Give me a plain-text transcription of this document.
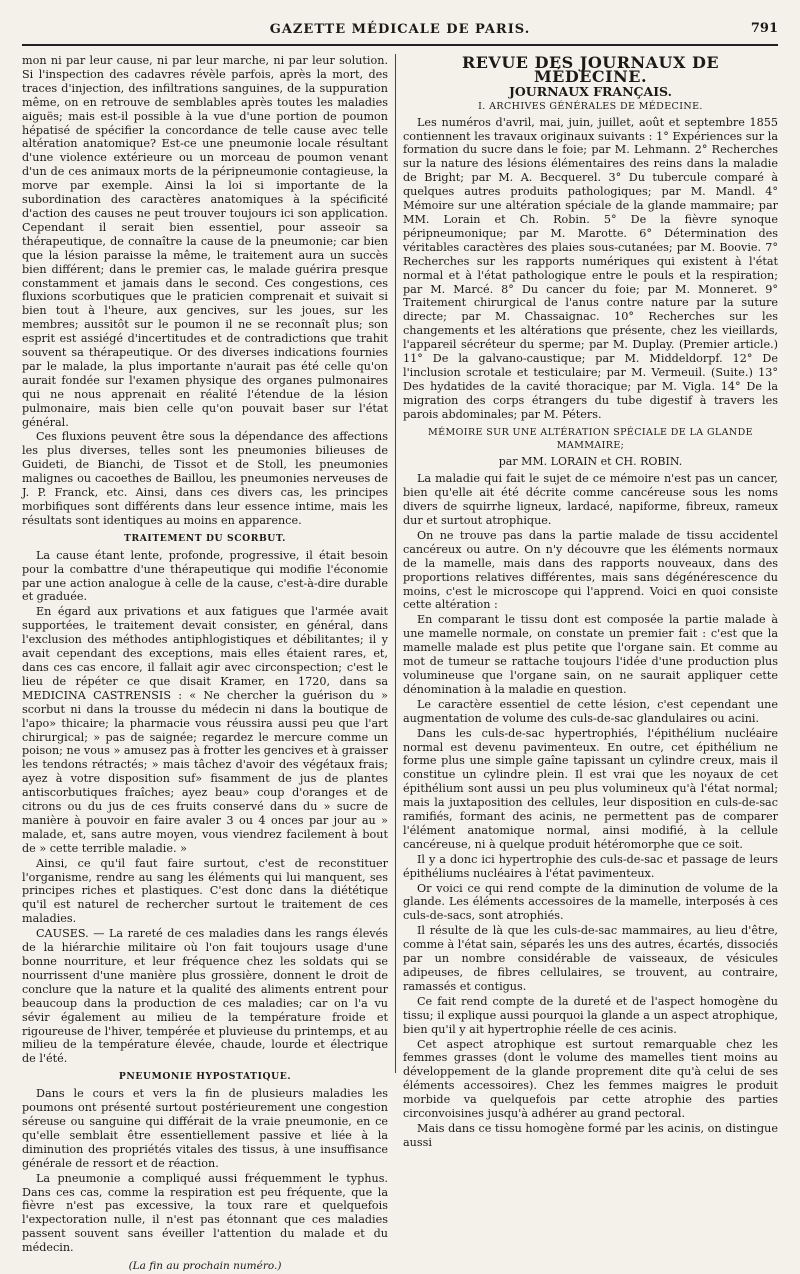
GAZETTE MÉDICALE DE PARIS.	791

mon ni par leur cause, ni par leur marche, ni par leur solution. Si l'inspection des cadavres révèle parfois, après la mort, des traces d'injection, des infiltrations sanguines, de la suppuration même, on en retrouve de semblables après toutes les maladies aiguës; mais est-il possible à la vue d'une portion de poumon hépatisé de spécifier la concordance de telle cause avec telle altération anatomique? Est-ce une pneumonie locale résultant d'une violence extérieure ou un morceau de poumon venant d'un de ces animaux morts de la péripneumonie contagieuse, la morve par exemple. Ainsi la loi si importante de la subordination des caractères anatomiques à la spécificité d'action des causes ne peut trouver toujours ici son application. Cependant il serait bien essentiel, pour asseoir sa thérapeutique, de connaître la cause de la pneumonie; car bien que la lésion paraisse la même, le traitement aura un succès bien différent; dans le premier cas, le malade guérira presque constamment et jamais dans le second. Ces congestions, ces fluxions scorbutiques que le praticien comprenait et suivait si bien tout à l'heure, aux gencives, sur les joues, sur les membres; aussitôt sur le poumon il ne se reconnaît plus; son esprit est assiégé d'incertitudes et de contradictions que trahit souvent sa thérapeutique. Or des diverses indications fournies par le malade, la plus importante n'aurait pas été celle qu'on aurait fondée sur l'examen physique des organes pulmonaires qui ne nous apprenait en réalité l'étendue de la lésion pulmonaire, mais bien celle qu'on pouvait baser sur l'état général.

Ces fluxions peuvent être sous la dépendance des affections les plus diverses, telles sont les pneumonies bilieuses de Guideti, de Bianchi, de Tissot et de Stoll, les pneumonies malignes ou cacoethes de Baillou, les pneumonies nerveuses de J. P. Franck, etc. Ainsi, dans ces divers cas, les principes morbifiques sont différents dans leur essence intime, mais les résultats sont identiques au moins en apparence.

TRAITEMENT DU SCORBUT.

La cause étant lente, profonde, progressive, il était besoin pour la combattre d'une thérapeutique qui modifie l'économie par une action analogue à celle de la cause, c'est-à-dire durable et graduée.

En égard aux privations et aux fatigues que l'armée avait supportées, le traitement devait consister, en général, dans l'exclusion des méthodes antiphlogistiques et débilitantes; il y avait cependant des exceptions, mais elles étaient rares, et, dans ces cas encore, il fallait agir avec circonspection; c'est le lieu de répéter ce que disait Kramer, en 1720, dans sa MEDICINA CASTRENSIS : « Ne chercher la guérison du » scorbut ni dans la trousse du médecin ni dans la boutique de l'apo» thicaire; la pharmacie vous réussira aussi peu que l'art chirurgical; » pas de saignée; regardez le mercure comme un poison; ne vous » amusez pas à frotter les gencives et à graisser les tendons rétractés; » mais tâchez d'avoir des végétaux frais; ayez à votre disposition suf» fisamment de jus de plantes antiscorbutiques fraîches; ayez beau» coup d'oranges et de citrons ou du jus de ces fruits conservé dans du » sucre de manière à pouvoir en faire avaler 3 ou 4 onces par jour au » malade, et, sans autre moyen, vous viendrez facilement à bout de » cette terrible maladie. »

Ainsi, ce qu'il faut faire surtout, c'est de reconstituer l'organisme, rendre au sang les éléments qui lui manquent, ses principes riches et plastiques. C'est donc dans la diététique qu'il est naturel de rechercher surtout le traitement de ces maladies.

CAUSES. — La rareté de ces maladies dans les rangs élevés de la hiérarchie militaire où l'on fait toujours usage d'une bonne nourriture, et leur fréquence chez les soldats qui se nourrissent d'une manière plus grossière, donnent le droit de conclure que la nature et la qualité des aliments entrent pour beaucoup dans la production de ces maladies; car on l'a vu sévir également au milieu de la température froide et rigoureuse de l'hiver, tempérée et pluvieuse du printemps, et au milieu de la température élevée, chaude, lourde et électrique de l'été.

PNEUMONIE HYPOSTATIQUE.

Dans le cours et vers la fin de plusieurs maladies les poumons ont présenté surtout postérieurement une congestion séreuse ou sanguine qui différait de la vraie pneumonie, en ce qu'elle semblait être essentiellement passive et liée à la diminution des propriétés vitales des tissus, à une insuffisance générale de ressort et de réaction.

La pneumonie a compliqué aussi fréquemment le typhus. Dans ces cas, comme la respiration est peu fréquente, que la fièvre n'est pas excessive, la toux rare et quelquefois l'expectoration nulle, il n'est pas étonnant que ces maladies passent souvent sans éveiller l'attention du malade et du médecin.

(La fin au prochain numéro.)
REVUE DES JOURNAUX DE MÉDECINE.
JOURNAUX FRANÇAIS.
I. ARCHIVES GÉNÉRALES DE MÉDECINE.

Les numéros d'avril, mai, juin, juillet, août et septembre 1855 contiennent les travaux originaux suivants : 1° Expériences sur la formation du sucre dans le foie; par M. Lehmann. 2° Recherches sur la nature des lésions élémentaires des reins dans la maladie de Bright; par M. A. Becquerel. 3° Du tubercule comparé à quelques autres produits pathologiques; par M. Mandl. 4° Mémoire sur une altération spéciale de la glande mammaire; par MM. Lorain et Ch. Robin. 5° De la fièvre synoque péripneumonique; par M. Marotte. 6° Détermination des véritables caractères des plaies sous-cutanées; par M. Boovie. 7° Recherches sur les rapports numériques qui existent à l'état normal et à l'état pathologique entre le pouls et la respiration; par M. Marcé. 8° Du cancer du foie; par M. Monneret. 9° Traitement chirurgical de l'anus contre nature par la suture directe; par M. Chassaignac. 10° Recherches sur les changements et les altérations que présente, chez les vieillards, l'appareil sécréteur du sperme; par M. Duplay. (Premier article.) 11° De la galvano-caustique; par M. Middeldorpf. 12° De l'inclusion scrotale et testiculaire; par M. Vermeuil. (Suite.) 13° Des hydatides de la cavité thoracique; par M. Vigla. 14° De la migration des corps étrangers du tube digestif à travers les parois abdominales; par M. Péters.

MÉMOIRE SUR UNE ALTÉRATION SPÉCIALE DE LA GLANDE MAMMAIRE;
par MM. LORAIN et CH. ROBIN.

La maladie qui fait le sujet de ce mémoire n'est pas un cancer, bien qu'elle ait été décrite comme cancéreuse sous les noms divers de squirrhe ligneux, lardacé, napiforme, fibreux, rameux dur et surtout atrophique.

On ne trouve pas dans la partie malade de tissu accidentel cancéreux ou autre. On n'y découvre que les éléments normaux de la mamelle, mais dans des rapports nouveaux, dans des proportions relatives différentes, mais sans dégénérescence du moins, c'est le microscope qui l'apprend. Voici en quoi consiste cette altération :

En comparant le tissu dont est composée la partie malade à une mamelle normale, on constate un premier fait : c'est que la mamelle malade est plus petite que l'organe sain. Et comme au mot de tumeur se rattache toujours l'idée d'une production plus volumineuse que l'organe sain, on ne saurait appliquer cette dénomination à la maladie en question.

Le caractère essentiel de cette lésion, c'est cependant une augmentation de volume des culs-de-sac glandulaires ou acini.

Dans les culs-de-sac hypertrophiés, l'épithélium nucléaire normal est devenu pavimenteux. En outre, cet épithélium ne forme plus une simple gaîne tapissant un cylindre creux, mais il constitue un cylindre plein. Il est vrai que les noyaux de cet épithélium sont aussi un peu plus volumineux qu'à l'état normal; mais la juxtaposition des cellules, leur disposition en culs-de-sac ramifiés, formant des acinis, ne permettent pas de comparer l'élément anatomique normal, ainsi modifié, à la cellule cancéreuse, ni à quelque produit hétéromorphe que ce soit.

Il y a donc ici hypertrophie des culs-de-sac et passage de leurs épithéliums nucléaires à l'état pavimenteux.

Or voici ce qui rend compte de la diminution de volume de la glande. Les éléments accessoires de la mamelle, interposés à ces culs-de-sacs, sont atrophiés.

Il résulte de là que les culs-de-sac mammaires, au lieu d'être, comme à l'état sain, séparés les uns des autres, écartés, dissociés par un nombre considérable de vaisseaux, de vésicules adipeuses, de fibres cellulaires, se trouvent, au contraire, ramassés et contigus.

Ce fait rend compte de la dureté et de l'aspect homogène du tissu; il explique aussi pourquoi la glande a un aspect atrophique, bien qu'il y ait hypertrophie réelle de ces acinis.

Cet aspect atrophique est surtout remarquable chez les femmes grasses (dont le volume des mamelles tient moins au développement de la glande proprement dite qu'à celui de ses éléments accessoires). Chez les femmes maigres le produit morbide va quelquefois par cette atrophie des parties circonvoisines jusqu'à adhérer au grand pectoral.

Mais dans ce tissu homogène formé par les acinis, on distingue aussi
